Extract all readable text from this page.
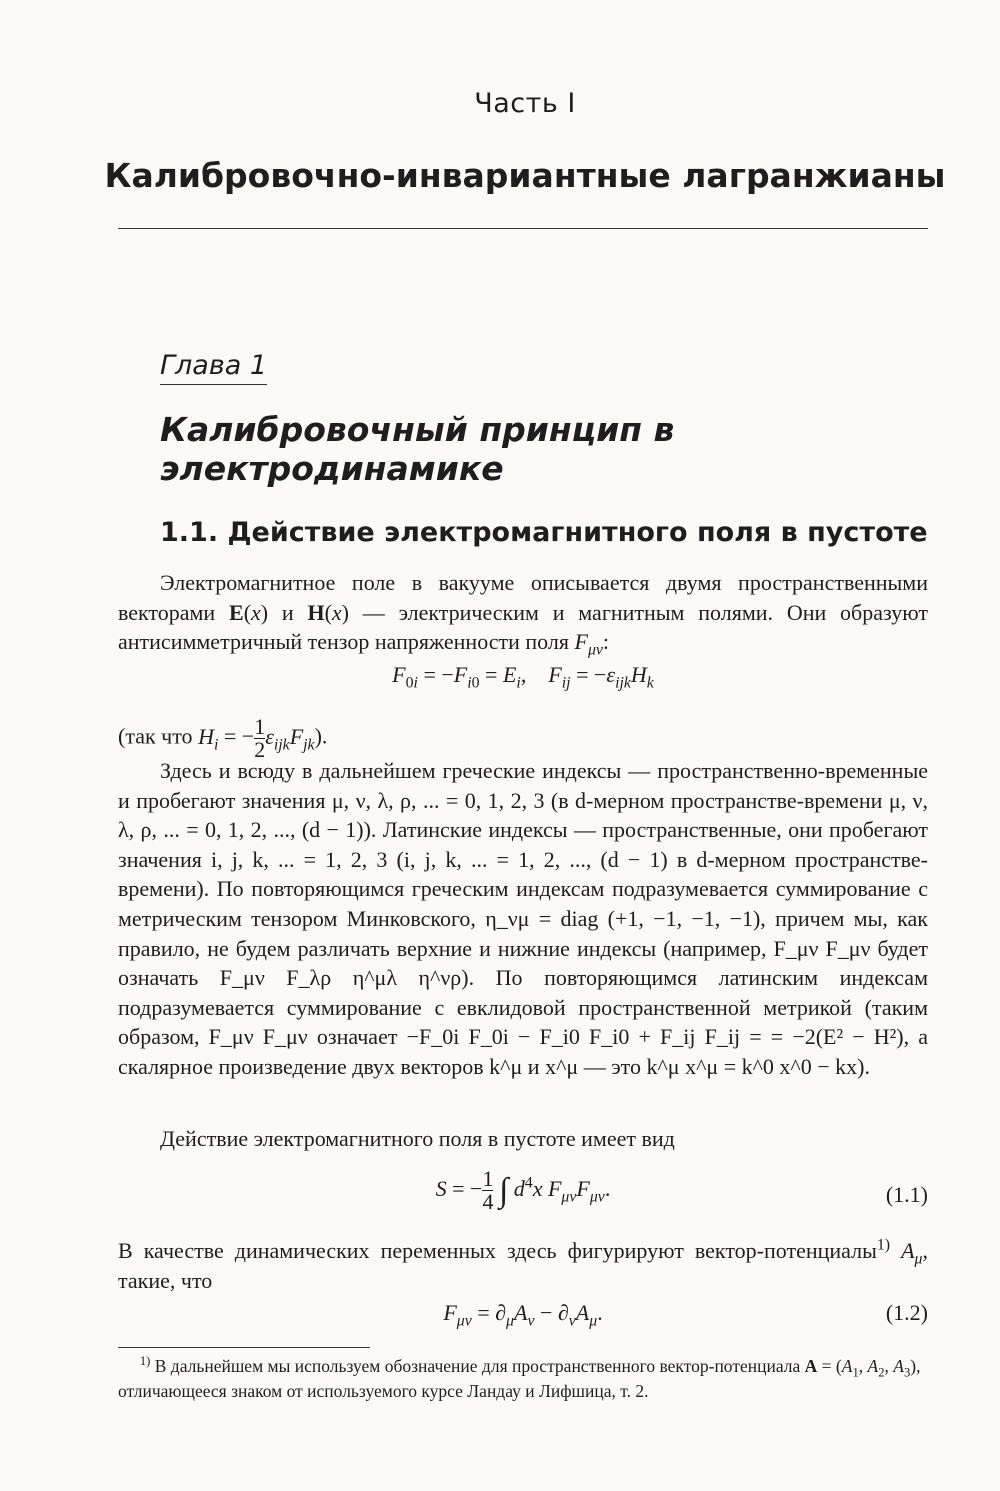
Часть I
Калибровочно-инвариантные лагранжианы
Глава 1
Калибровочный принцип в электродинамике
1.1. Действие электромагнитного поля в пустоте
Электромагнитное поле в вакууме описывается двумя пространственными векторами E(x) и H(x) — электрическим и магнитным полями. Они образуют антисимметричный тензор напряженности поля $F_{\mu\nu}$:
$F_{0i} = -F_{i0} = E_i$,    $F_{ij} = -\varepsilon_{ijk}H_k$
(так что $H_i$ = − $\frac{1}{2} \varepsilon_{ijk}F_{jk}$).
Здесь и всюду в дальнейшем греческие индексы — пространственно-временные и пробегают значения μ, ν, λ, ρ, ... = 0, 1, 2, 3 (в d-мерном пространстве-времени μ, ν, λ, ρ, ... = 0, 1, 2, ..., (d − 1)). Латинские индексы — пространственные, они пробегают значения i, j, k, ... = 1, 2, 3 (i, j, k, ... = 1, 2, ..., (d − 1) в d-мерном пространстве-времени). По повторяющимся греческим индексам подразумевается суммирование с метрическим тензором Минковского, η_νμ = diag (+1, −1, −1, −1), причем мы, как правило, не будем различать верхние и нижние индексы (например, F_μν F_μν будет означать F_μν F_λρ η^μλ η^νρ). По повторяющимся латинским индексам подразумевается суммирование с евклидовой пространственной метрикой (таким образом, F_μν F_μν означает −F_0i F_0i − F_i0 F_i0 + F_ij F_ij = = −2(E² − H²), а скалярное произведение двух векторов k^μ и x^μ — это k^μ x^μ = k^0 x^0 − kx).
Действие электромагнитного поля в пустоте имеет вид
S = − $\frac{1}{4}$ ∫ $d^4x$ $F_{\mu\nu}F_{\mu\nu}$.	(1.1)
В качестве динамических переменных здесь фигурируют вектор-потенциалы$^{1)}$ $A_\mu$, такие, что
$F_{\mu\nu} = \partial_\mu A_\nu - \partial_\nu A_\mu$.	(1.2)
$^{1)}$ В дальнейшем мы используем обозначение для пространственного вектор-потенциала $A = (A_1$, $A_2$, $A_3$), отличающееся знаком от используемого курсе Ландау и Лифшица, т. 2.
